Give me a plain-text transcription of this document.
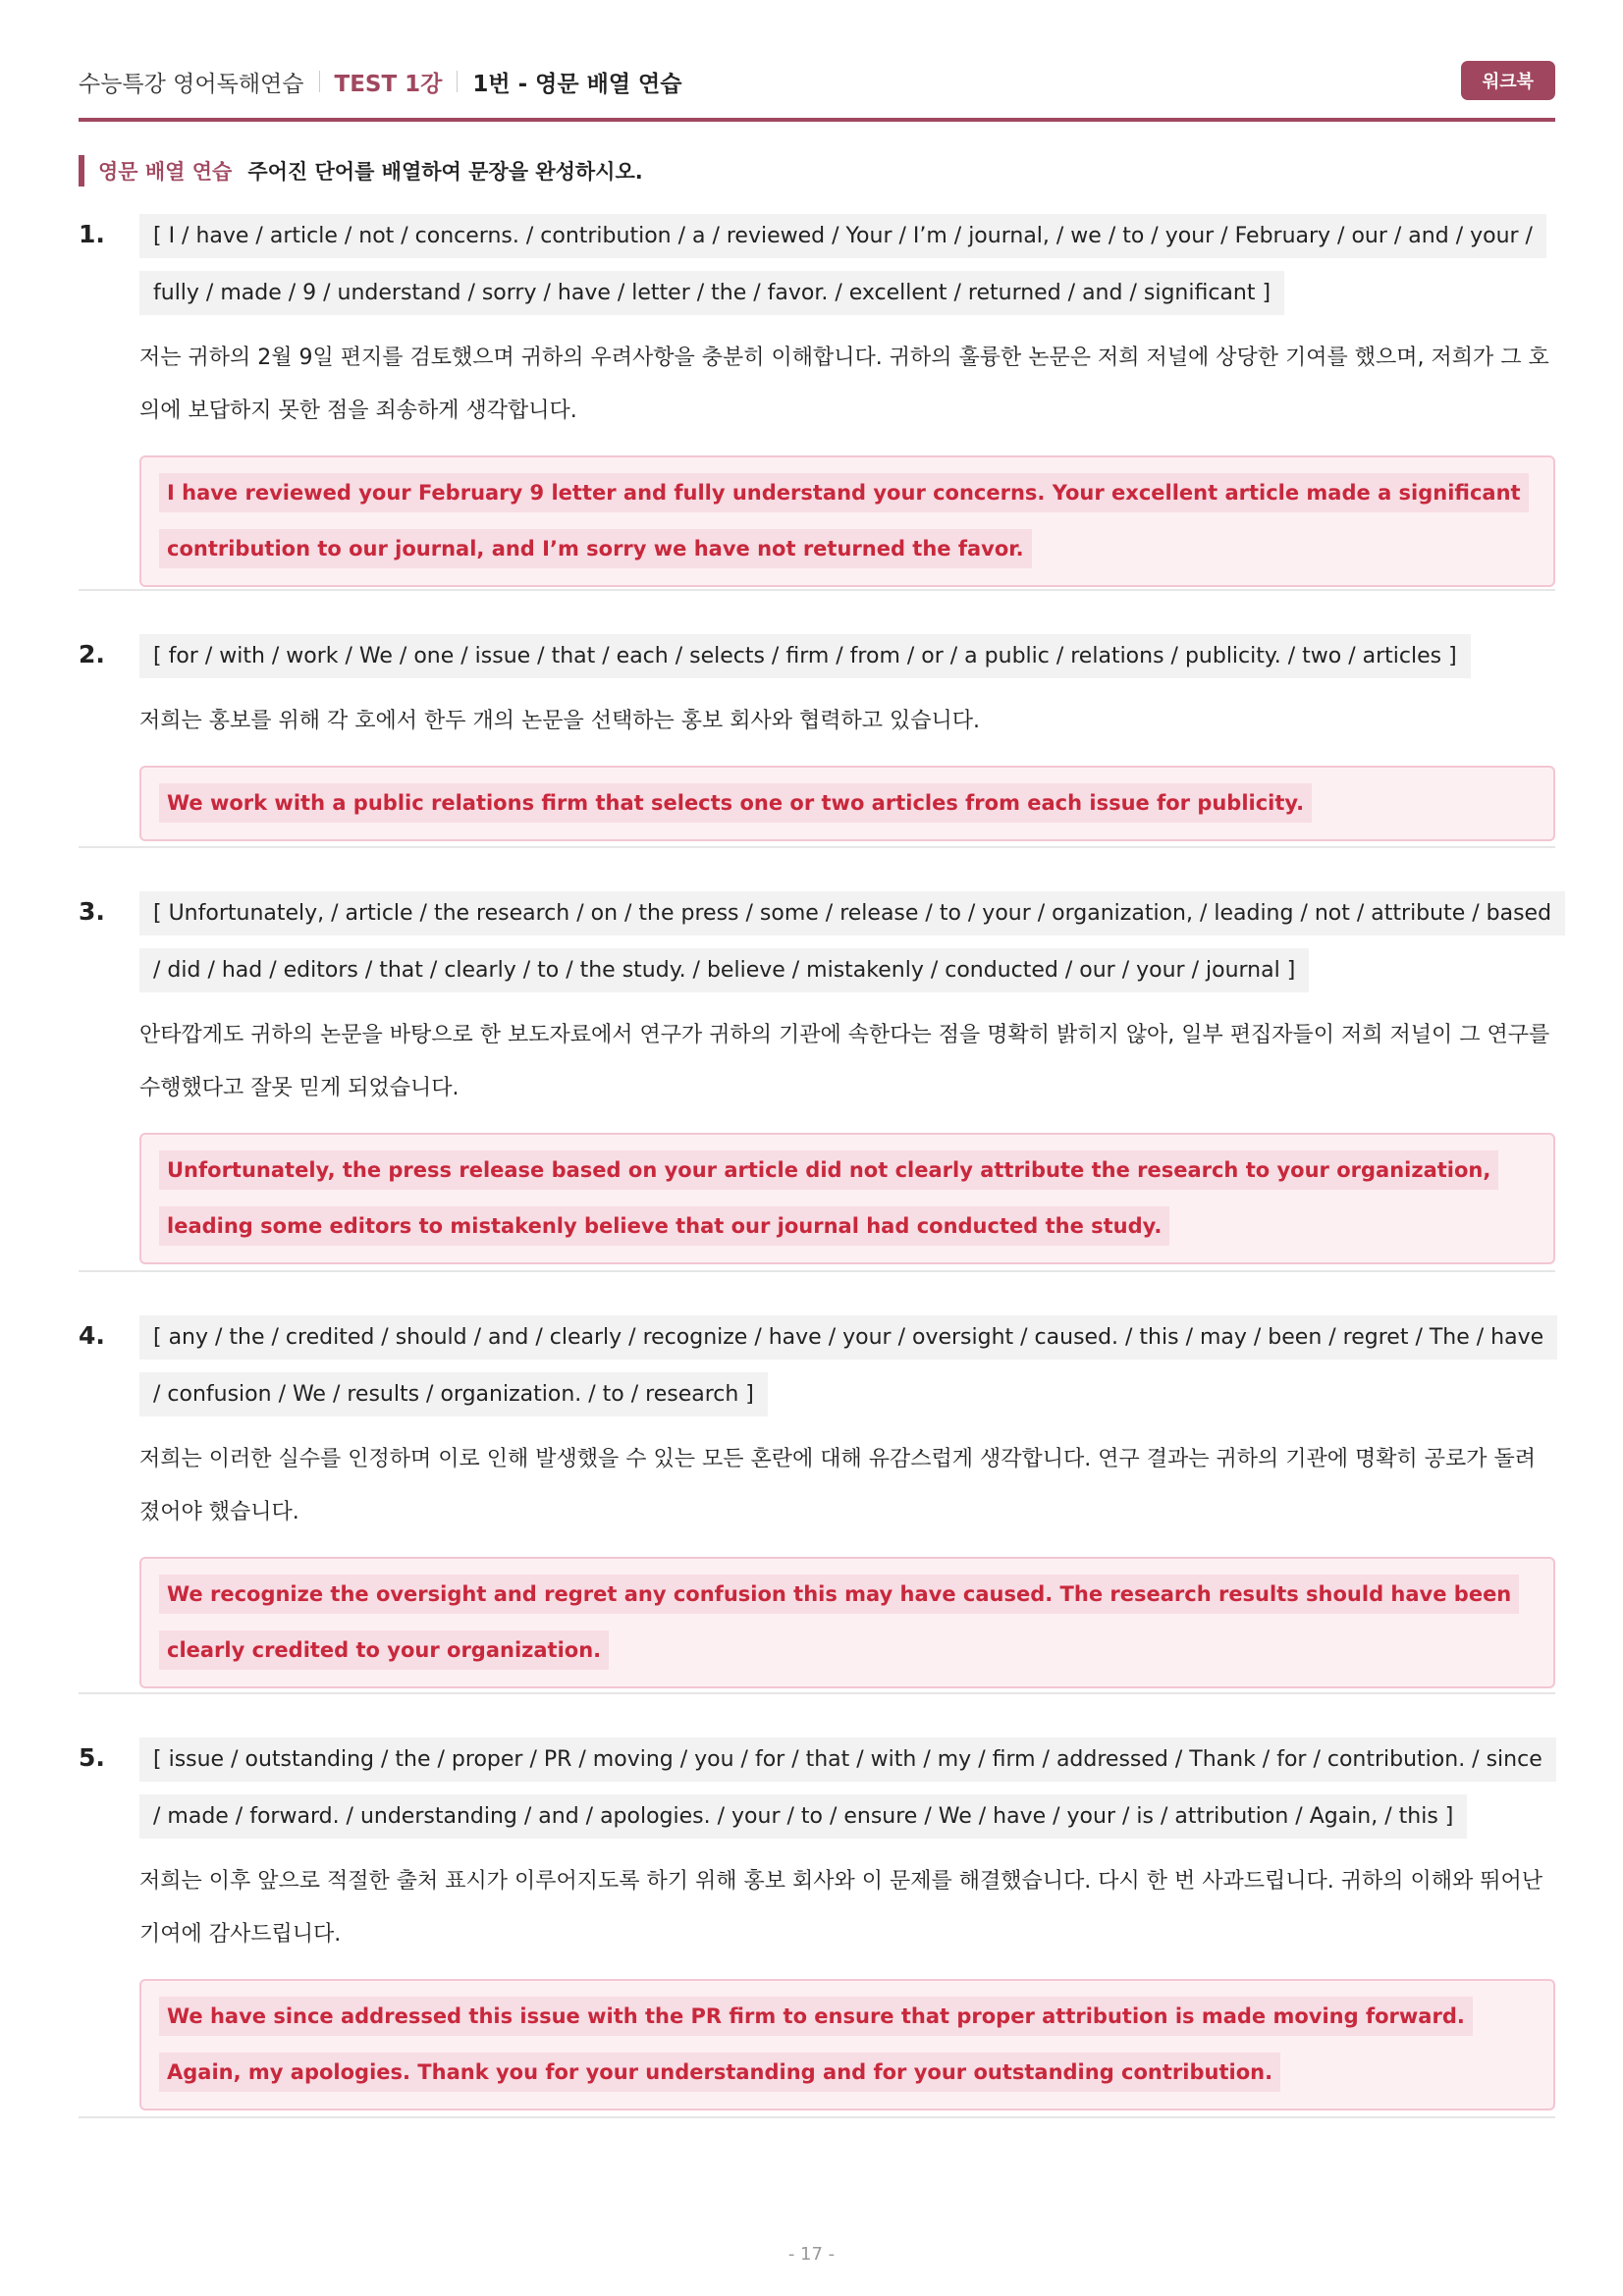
수능특강 영어독해연습 TEST 1강 1번 - 영문 배열 연습	워크북
영문 배열 연습 주어진 단어를 배열하여 문장을 완성하시오.
1.	[ I / have / article / not / concerns. / contribution / a / reviewed / Your / I’m / journal, / we / to / your / February / our / and / your / fully / made / 9 / understand / sorry / have / letter / the / favor. / excellent / returned / and / significant ]
저는 귀하의 2월 9일 편지를 검토했으며 귀하의 우려사항을 충분히 이해합니다. 귀하의 훌륭한 논문은 저희 저널에 상당한 기여를 했으며, 저희가 그 호의에 보답하지 못한 점을 죄송하게 생각합니다.
I have reviewed your February 9 letter and fully understand your concerns. Your excellent article made a significant contribution to our journal, and I’m sorry we have not returned the favor.
2.	[ for / with / work / We / one / issue / that / each / selects / firm / from / or / a public / relations / publicity. / two / articles ]
저희는 홍보를 위해 각 호에서 한두 개의 논문을 선택하는 홍보 회사와 협력하고 있습니다.
We work with a public relations firm that selects one or two articles from each issue for publicity.
3.	[ Unfortunately, / article / the research / on / the press / some / release / to / your / organization, / leading / not / attribute / based / did / had / editors / that / clearly / to / the study. / believe / mistakenly / conducted / our / your / journal ]
안타깝게도 귀하의 논문을 바탕으로 한 보도자료에서 연구가 귀하의 기관에 속한다는 점을 명확히 밝히지 않아, 일부 편집자들이 저희 저널이 그 연구를 수행했다고 잘못 믿게 되었습니다.
Unfortunately, the press release based on your article did not clearly attribute the research to your organization, leading some editors to mistakenly believe that our journal had conducted the study.
4.	[ any / the / credited / should / and / clearly / recognize / have / your / oversight / caused. / this / may / been / regret / The / have / confusion / We / results / organization. / to / research ]
저희는 이러한 실수를 인정하며 이로 인해 발생했을 수 있는 모든 혼란에 대해 유감스럽게 생각합니다. 연구 결과는 귀하의 기관에 명확히 공로가 돌려졌어야 했습니다.
We recognize the oversight and regret any confusion this may have caused. The research results should have been clearly credited to your organization.
5.	[ issue / outstanding / the / proper / PR / moving / you / for / that / with / my / firm / addressed / Thank / for / contribution. / since / made / forward. / understanding / and / apologies. / your / to / ensure / We / have / your / is / attribution / Again, / this ]
저희는 이후 앞으로 적절한 출처 표시가 이루어지도록 하기 위해 홍보 회사와 이 문제를 해결했습니다. 다시 한 번 사과드립니다. 귀하의 이해와 뛰어난 기여에 감사드립니다.
We have since addressed this issue with the PR firm to ensure that proper attribution is made moving forward. Again, my apologies. Thank you for your understanding and for your outstanding contribution.
- 17 -
